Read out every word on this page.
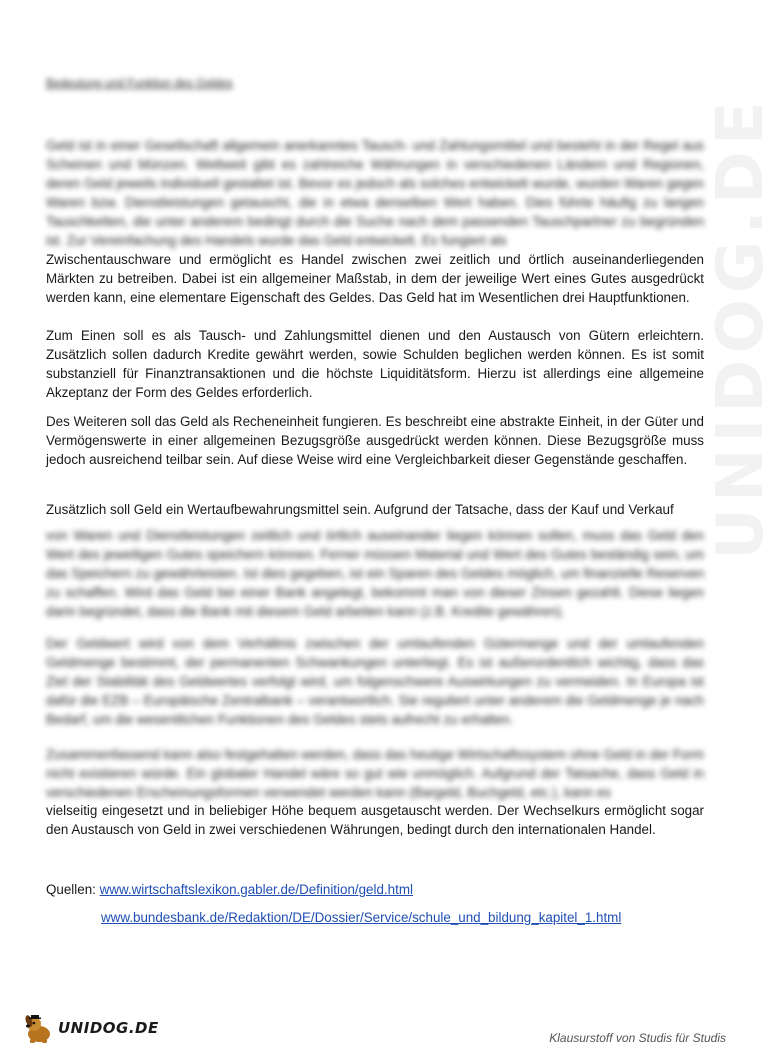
UNIDOG.DE
Bedeutung und Funktion des Geldes

Geld ist in einer Gesellschaft allgemein anerkanntes Tausch- und Zahlungsmittel und besteht in der Regel aus Scheinen und Münzen. Weltweit gibt es zahlreiche Währungen in verschiedenen Ländern und Regionen, deren Geld jeweils individuell gestaltet ist. Bevor es jedoch als solches entwickelt wurde, wurden Waren gegen Waren bzw. Dienstleistungen getauscht, die in etwa denselben Wert haben. Dies führte häufig zu langen Tauschketten, die unter anderem bedingt durch die Suche nach dem passenden Tauschpartner zu begründen ist. Zur Vereinfachung des Handels wurde das Geld entwickelt. Es fungiert als

Zwischentauschware und ermöglicht es Handel zwischen zwei zeitlich und örtlich auseinanderliegenden Märkten zu betreiben. Dabei ist ein allgemeiner Maßstab, in dem der jeweilige Wert eines Gutes ausgedrückt werden kann, eine elementare Eigenschaft des Geldes. Das Geld hat im Wesentlichen drei Hauptfunktionen.

Zum Einen soll es als Tausch- und Zahlungsmittel dienen und den Austausch von Gütern erleichtern. Zusätzlich sollen dadurch Kredite gewährt werden, sowie Schulden beglichen werden können. Es ist somit substanziell für Finanztransaktionen und die höchste Liquiditätsform. Hierzu ist allerdings eine allgemeine Akzeptanz der Form des Geldes erforderlich.

Des Weiteren soll das Geld als Recheneinheit fungieren. Es beschreibt eine abstrakte Einheit, in der Güter und Vermögenswerte in einer allgemeinen Bezugsgröße ausgedrückt werden können. Diese Bezugsgröße muss jedoch ausreichend teilbar sein. Auf diese Weise wird eine Vergleichbarkeit dieser Gegenstände geschaffen.

Zusätzlich soll Geld ein Wertaufbewahrungsmittel sein. Aufgrund der Tatsache, dass der Kauf und Verkauf

von Waren und Dienstleistungen zeitlich und örtlich auseinander liegen können sollen, muss das Geld den Wert des jeweiligen Gutes speichern können. Ferner müssen Material und Wert des Gutes beständig sein, um das Speichern zu gewährleisten. Ist dies gegeben, ist ein Sparen des Geldes möglich, um finanzielle Reserven zu schaffen. Wird das Geld bei einer Bank angelegt, bekommt man von dieser Zinsen gezahlt. Diese liegen darin begründet, dass die Bank mit diesem Geld arbeiten kann (z.B. Kredite gewähren).

Der Geldwert wird von dem Verhältnis zwischen der umlaufenden Gütermenge und der umlaufenden Geldmenge bestimmt, der permanenten Schwankungen unterliegt. Es ist außerordentlich wichtig, dass das Ziel der Stabilität des Geldwertes verfolgt wird, um folgenschwere Auswirkungen zu vermeiden. In Europa ist dafür die EZB – Europäische Zentralbank – verantwortlich. Sie reguliert unter anderem die Geldmenge je nach Bedarf, um die wesentlichen Funktionen des Geldes stets aufrecht zu erhalten.

Zusammenfassend kann also festgehalten werden, dass das heutige Wirtschaftssystem ohne Geld in der Form nicht existieren würde. Ein globaler Handel wäre so gut wie unmöglich. Aufgrund der Tatsache, dass Geld in verschiedenen Erscheinungsformen verwendet werden kann (Bargeld, Buchgeld, etc.), kann es

vielseitig eingesetzt und in beliebiger Höhe bequem ausgetauscht werden. Der Wechselkurs ermöglicht sogar den Austausch von Geld in zwei verschiedenen Währungen, bedingt durch den internationalen Handel.

Quellen: www.wirtschaftslexikon.gabler.de/Definition/geld.html
www.bundesbank.de/Redaktion/DE/Dossier/Service/schule_und_bildung_kapitel_1.html
UNIDOG.DE
Klausurstoff von Studis für Studis
